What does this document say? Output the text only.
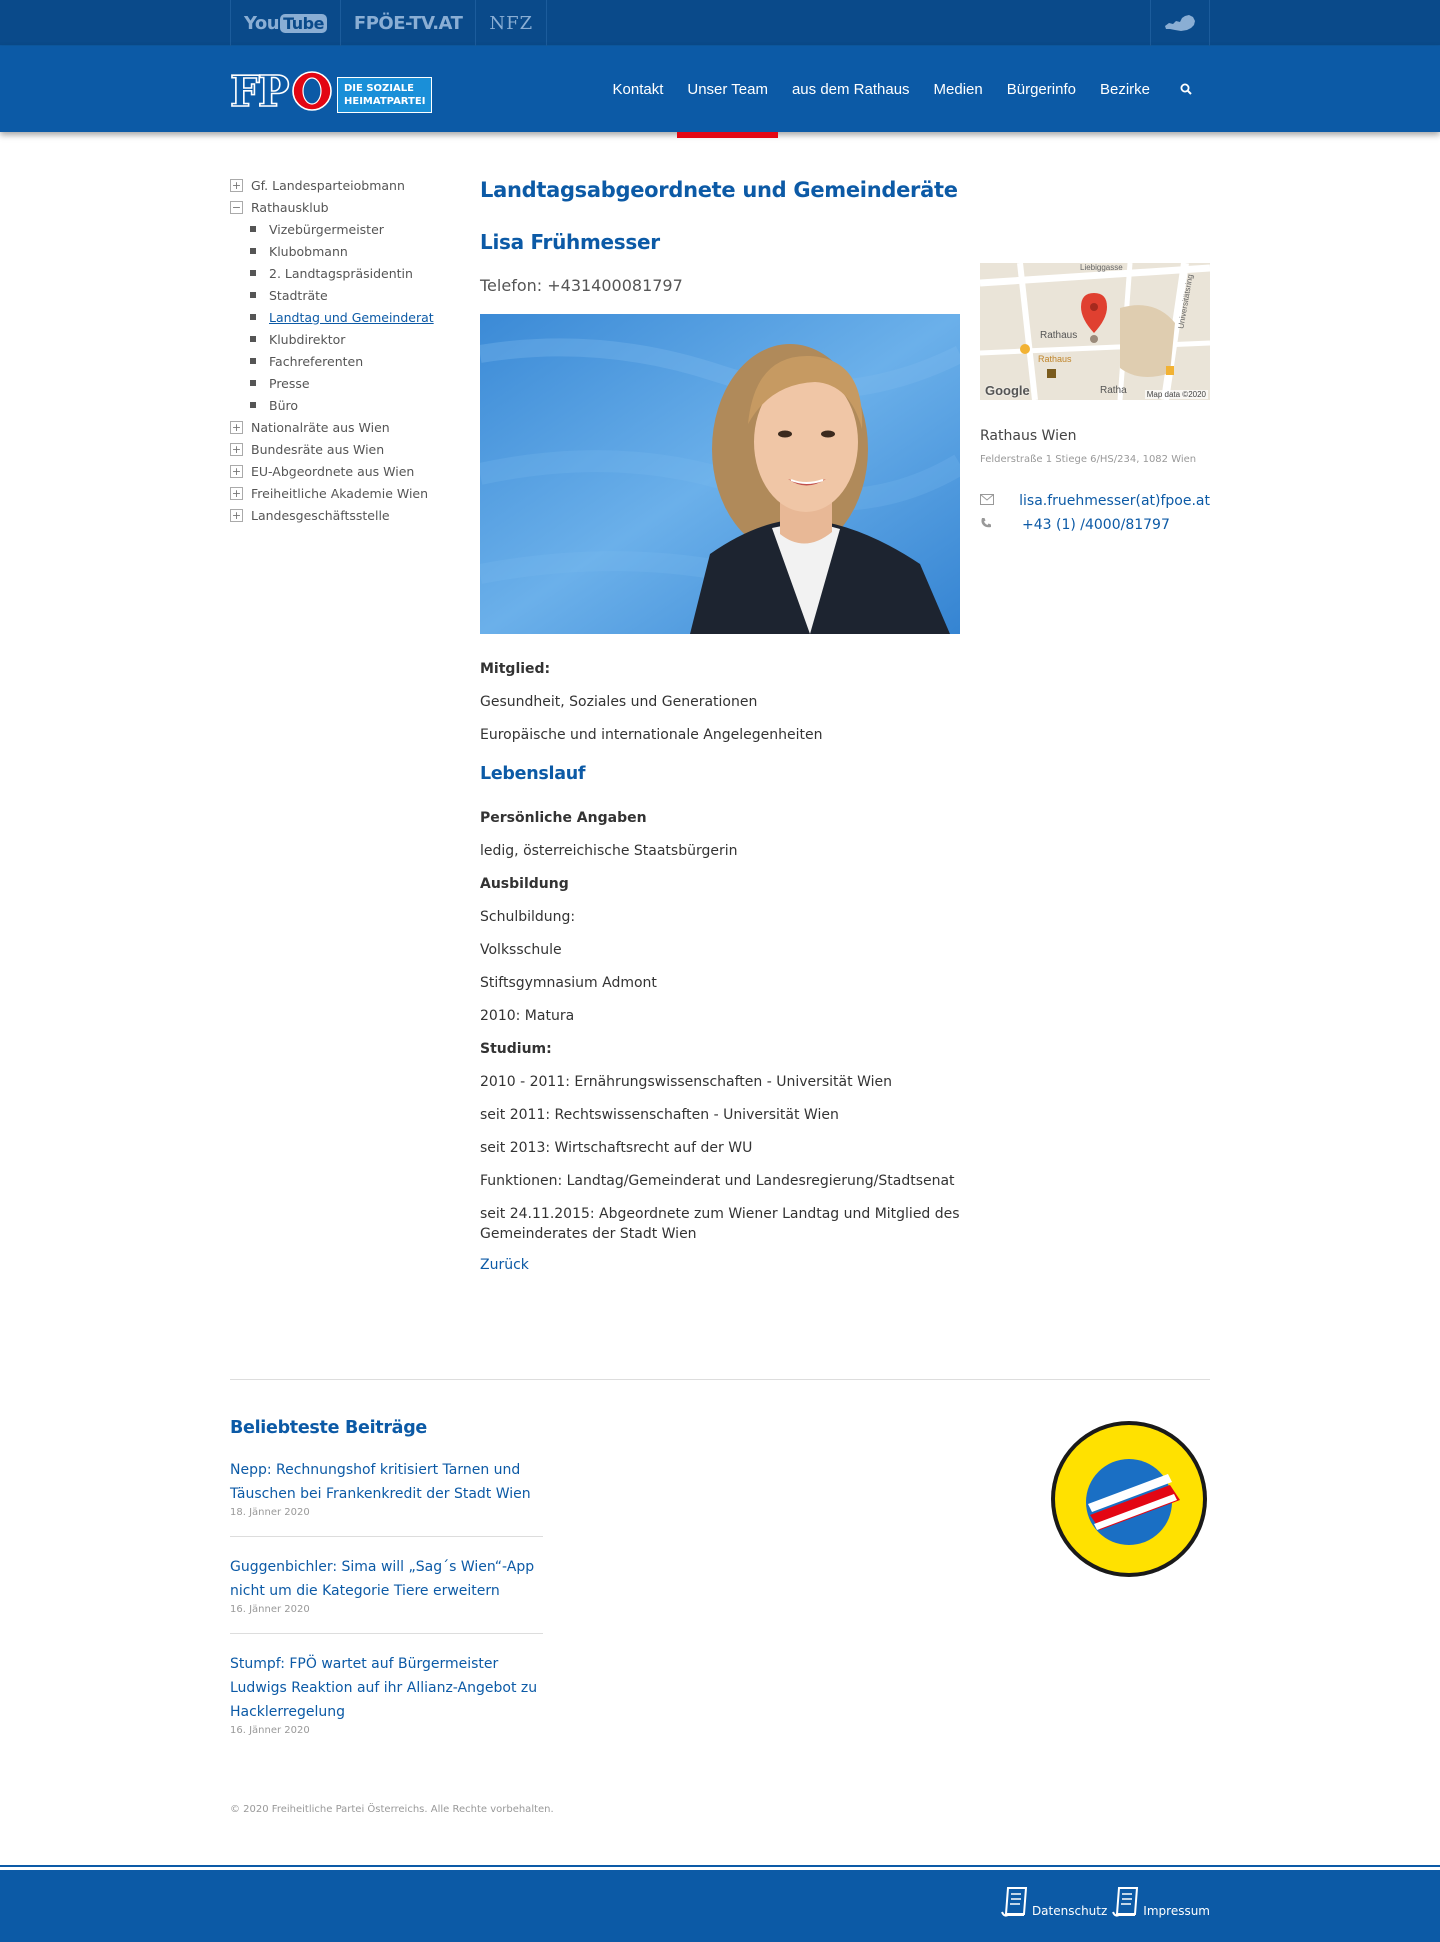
You Tube	FPÖE-TV.AT	NFZ
FP	DIE SOZIALE
HEIMATPARTEI
Kontakt	Unser Team	aus dem Rathaus	Medien	Bürgerinfo	Bezirke
+ Gf. Landesparteiobmann
− Rathausklub
Vizebürgermeister
Klubobmann
2. Landtagspräsidentin
Stadträte
Landtag und Gemeinderat
Klubdirektor
Fachreferenten
Presse
Büro
+ Nationalräte aus Wien
+ Bundesräte aus Wien
+ EU-Abgeordnete aus Wien
+ Freiheitliche Akademie Wien
+ Landesgeschäftsstelle
Landtagsabgeordnete und Gemeinderäte
Lisa Frühmesser
Telefon: +431400081797
Liebiggasse
Universitätsring
Rathaus
Rathaus
Ratha
Google	Map data ©2020
Rathaus Wien
Felderstraße 1 Stiege 6/HS/234, 1082 Wien
lisa.fruehmesser(at)fpoe.at
+43 (1) /4000/81797
Mitglied:
Gesundheit, Soziales und Generationen
Europäische und internationale Angelegenheiten
Lebenslauf
Persönliche Angaben
ledig, österreichische Staatsbürgerin
Ausbildung
Schulbildung:
Volksschule
Stiftsgymnasium Admont
2010: Matura
Studium:
2010 - 2011: Ernährungswissenschaften - Universität Wien
seit 2011: Rechtswissenschaften - Universität Wien
seit 2013: Wirtschaftsrecht auf der WU
Funktionen: Landtag/Gemeinderat und Landesregierung/Stadtsenat
seit 24.11.2015: Abgeordnete zum Wiener Landtag und Mitglied des Gemeinderates der Stadt Wien
Zurück
Beliebteste Beiträge
Nepp: Rechnungshof kritisiert Tarnen und Täuschen bei Frankenkredit der Stadt Wien
18. Jänner 2020
Guggenbichler: Sima will „Sag´s Wien“-App nicht um die Kategorie Tiere erweitern
16. Jänner 2020
Stumpf: FPÖ wartet auf Bürgermeister Ludwigs Reaktion auf ihr Allianz-Angebot zu Hacklerregelung
16. Jänner 2020
© 2020 Freiheitliche Partei Österreichs. Alle Rechte vorbehalten.
Datenschutz	Impressum
